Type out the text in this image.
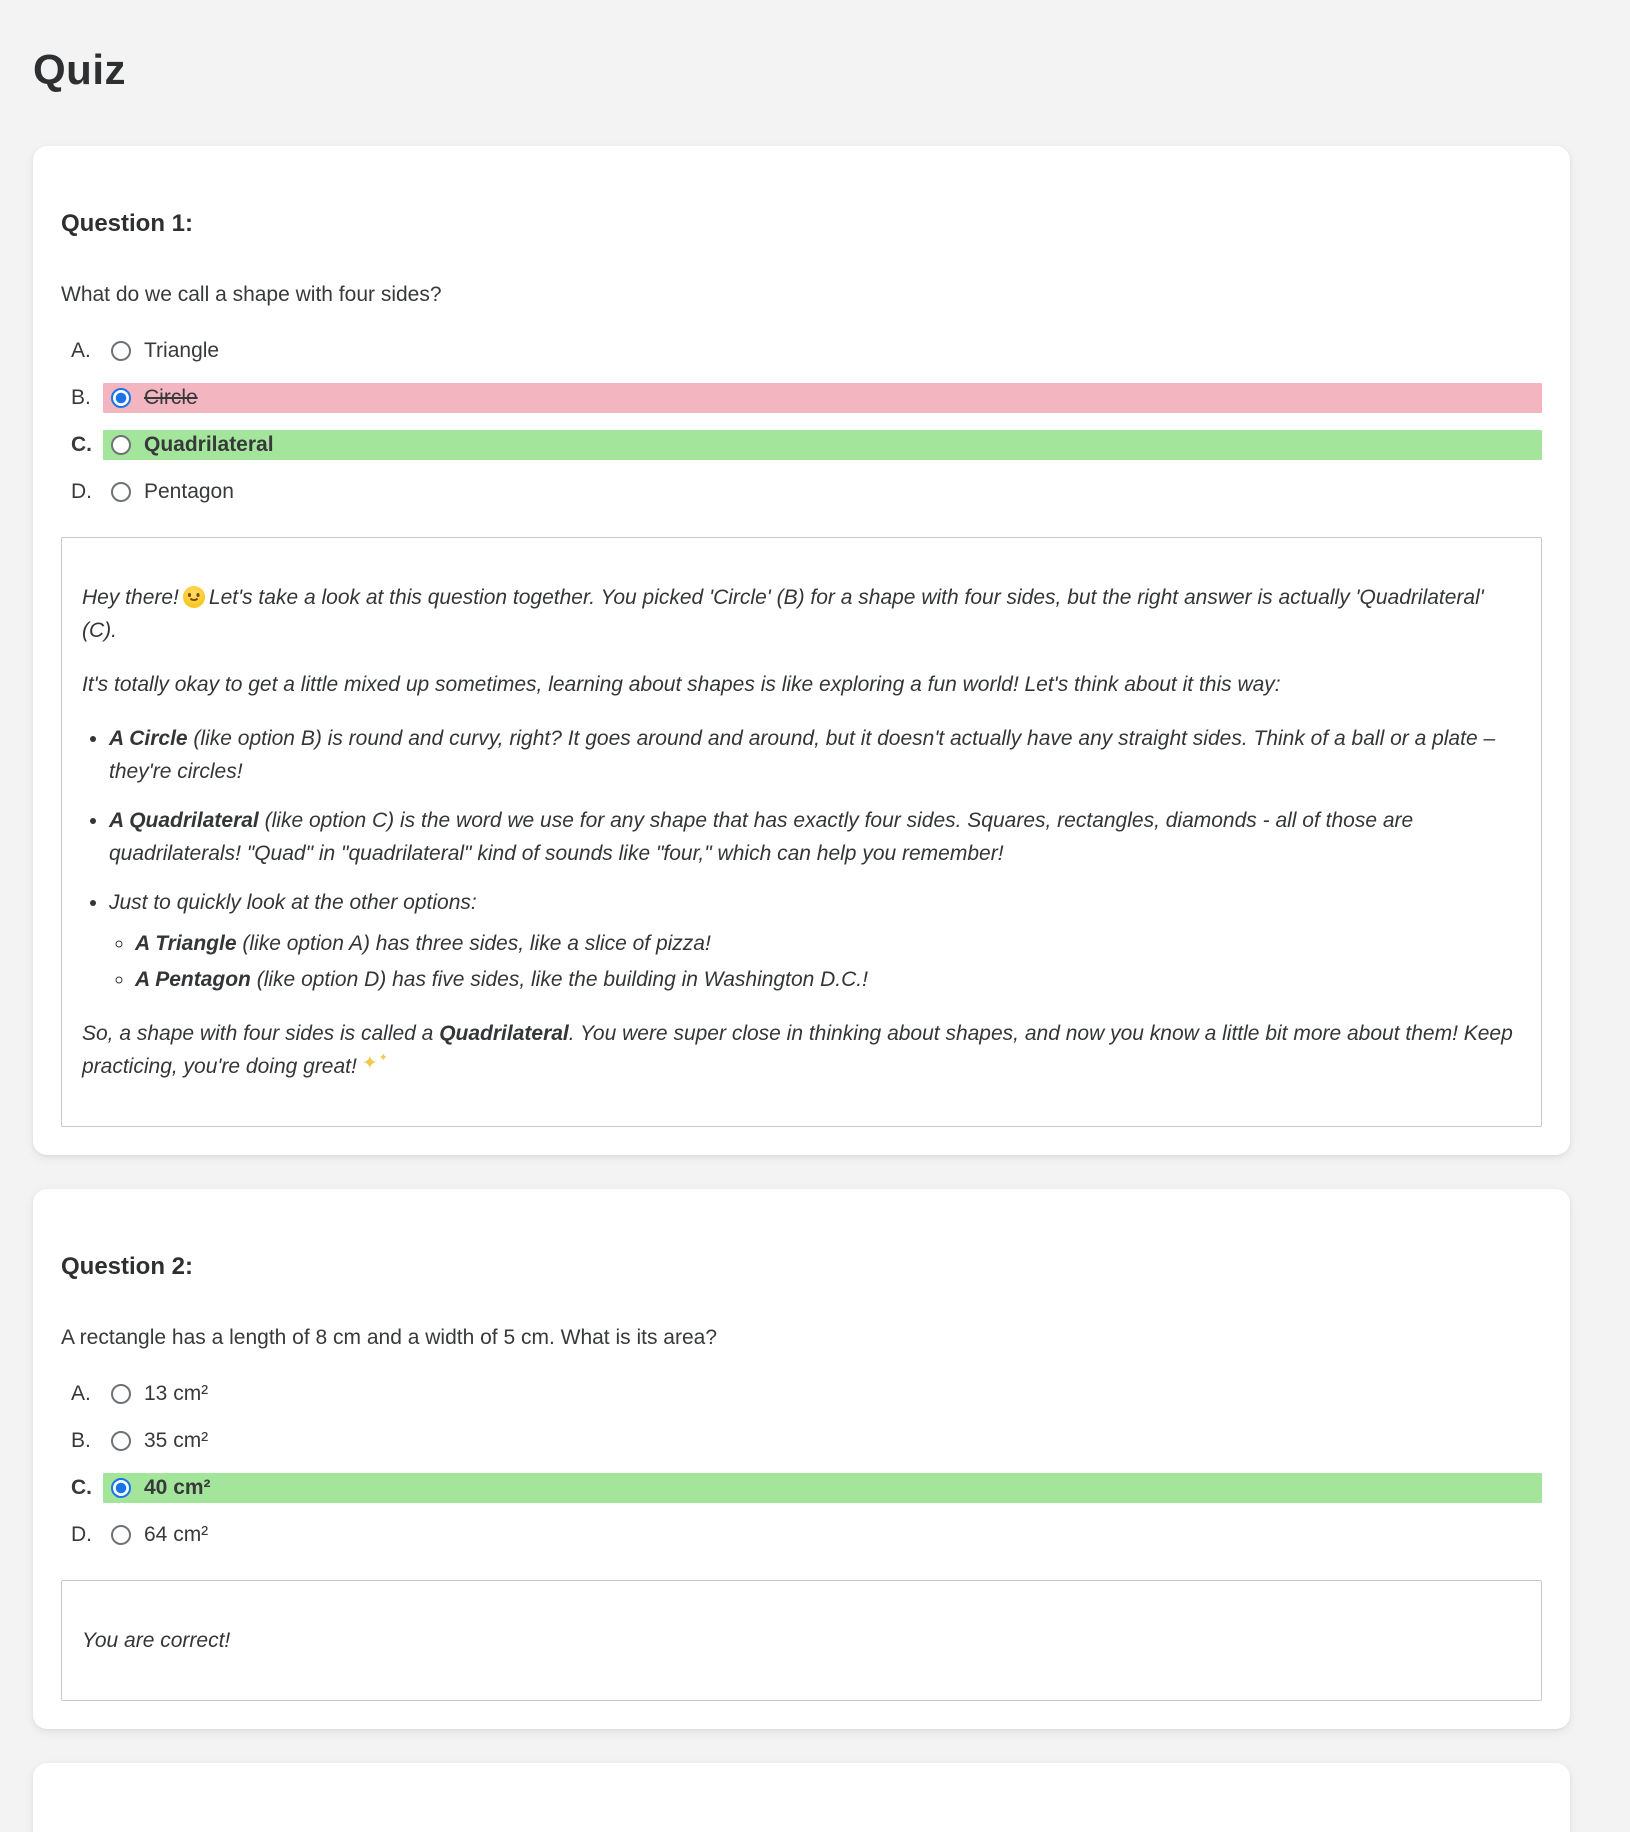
Quiz
Question 1:

What do we call a shape with four sides?

A.	Triangle
B.	Circle
C.	Quadrilateral
D.	Pentagon

Hey there! Let's take a look at this question together. You picked 'Circle' (B) for a shape with four sides, but the right answer is actually 'Quadrilateral' (C).

It's totally okay to get a little mixed up sometimes, learning about shapes is like exploring a fun world! Let's think about it this way:

• A Circle (like option B) is round and curvy, right? It goes around and around, but it doesn't actually have any straight sides. Think of a ball or a plate – they're circles!
• A Quadrilateral (like option C) is the word we use for any shape that has exactly four sides. Squares, rectangles, diamonds - all of those are quadrilaterals! "Quad" in "quadrilateral" kind of sounds like "four," which can help you remember!
• Just to quickly look at the other options:
◦ A Triangle (like option A) has three sides, like a slice of pizza!
◦ A Pentagon (like option D) has five sides, like the building in Washington D.C.!

So, a shape with four sides is called a Quadrilateral. You were super close in thinking about shapes, and now you know a little bit more about them! Keep practicing, you're doing great!✦ ✦

Question 2:

A rectangle has a length of 8 cm and a width of 5 cm. What is its area?

A.	13 cm²
B.	35 cm²
C.	40 cm²
D.	64 cm²

You are correct!
